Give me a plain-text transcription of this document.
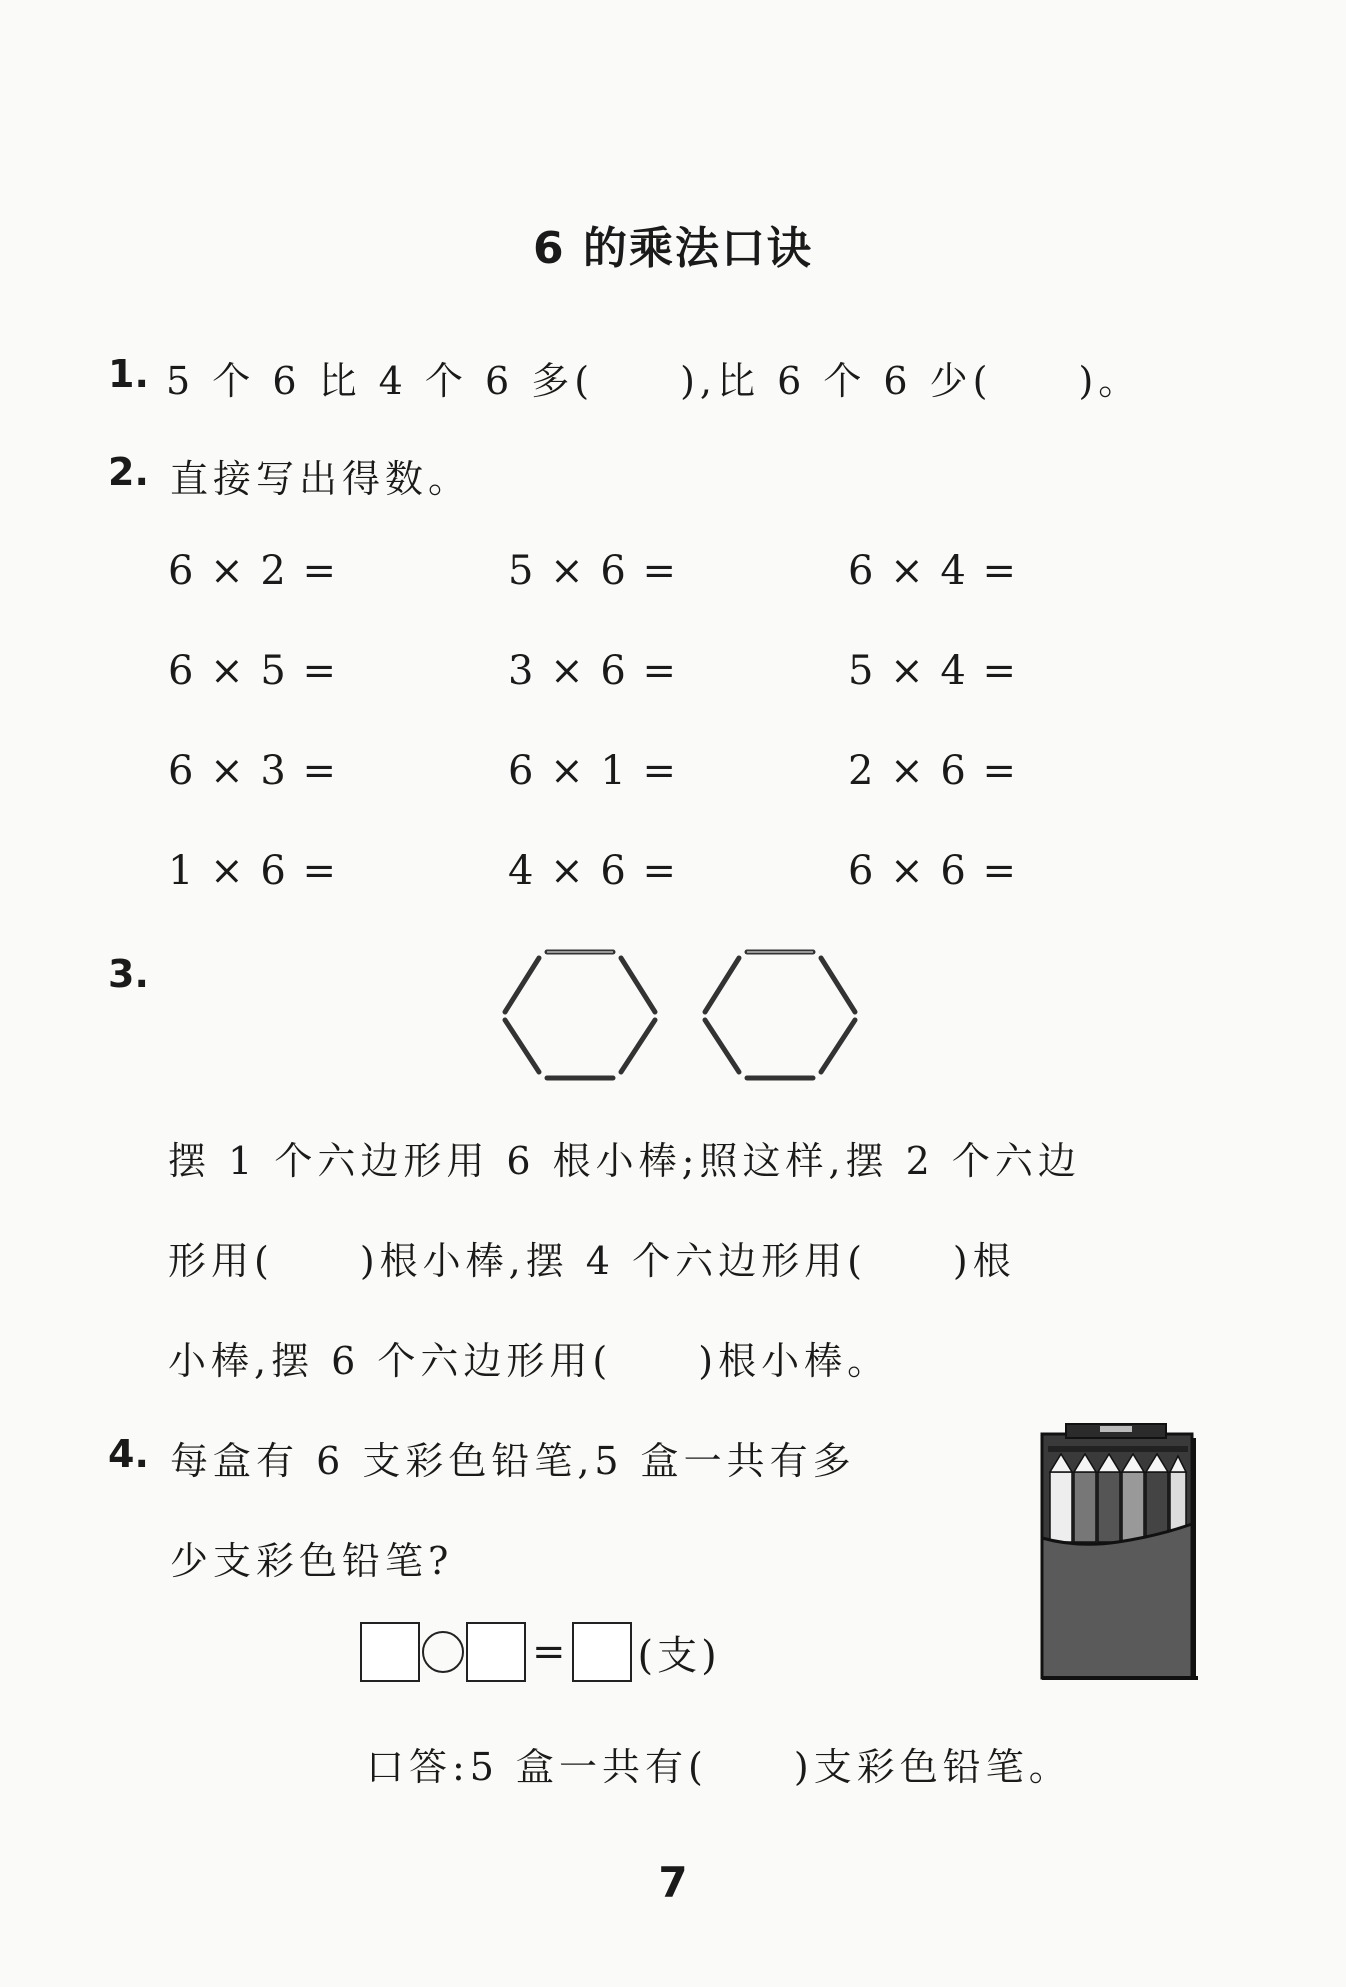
6 的乘法口诀
1. 5 个 6 比 4 个 6 多(　　),比 6 个 6 少(　　)。
2. 直接写出得数。
6 × 2 =	5 × 6 =	6 × 4 =
6 × 5 =	3 × 6 =	5 × 4 =
6 × 3 =	6 × 1 =	2 × 6 =
1 × 6 =	4 × 6 =	6 × 6 =
3.
摆 1 个六边形用 6 根小棒;照这样,摆 2 个六边
形用(　　)根小棒,摆 4 个六边形用(　　)根
小棒,摆 6 个六边形用(　　)根小棒。
4. 每盒有 6 支彩色铅笔,5 盒一共有多
少支彩色铅笔?
= (支)
口答:5 盒一共有(　　)支彩色铅笔。
7
